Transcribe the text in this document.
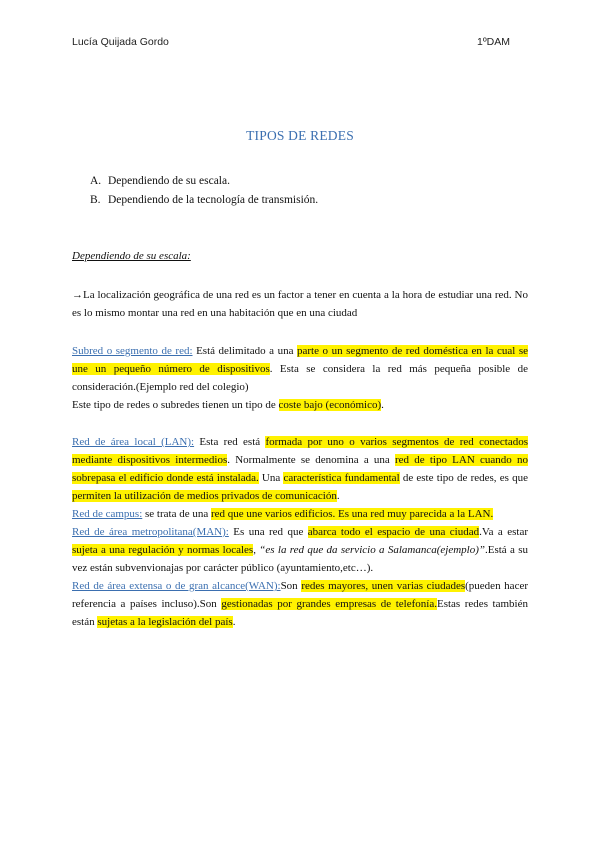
Lucía Quijada Gordo	1ºDAM
TIPOS DE REDES
A. Dependiendo de su escala.
B. Dependiendo de la tecnología de transmisión.
Dependiendo de su escala:

→La localización geográfica de una red es un factor a tener en cuenta a la hora de estudiar una red. No es lo mismo montar una red en una habitación que en una ciudad

Subred o segmento de red: Está delimitado a una parte o un segmento de red doméstica en la cual se une un pequeño número de dispositivos. Esta se considera la red más pequeña posible de consideración.(Ejemplo red del colegio)

Este tipo de redes o subredes tienen un tipo de coste bajo (económico).

Red de área local (LAN): Esta red está formada por uno o varios segmentos de red conectados mediante dispositivos intermedios. Normalmente se denomina a una red de tipo LAN cuando no sobrepasa el edificio donde está instalada. Una característica fundamental de este tipo de redes, es que permiten la utilización de medios privados de comunicación.

Red de campus: se trata de una red que une varios edificios. Es una red muy parecida a la LAN.

Red de área metropolitana(MAN): Es una red que abarca todo el espacio de una ciudad.Va a estar sujeta a una regulación y normas locales, “es la red que da servicio a Salamanca(ejemplo)”.Está a su vez están subvenvionajas por carácter público (ayuntamiento,etc…).

Red de área extensa o de gran alcance(WAN):Son redes mayores, unen varias ciudades(pueden hacer referencia a países incluso).Son gestionadas por grandes empresas de telefonía.Estas redes también están sujetas a la legislación del país.
